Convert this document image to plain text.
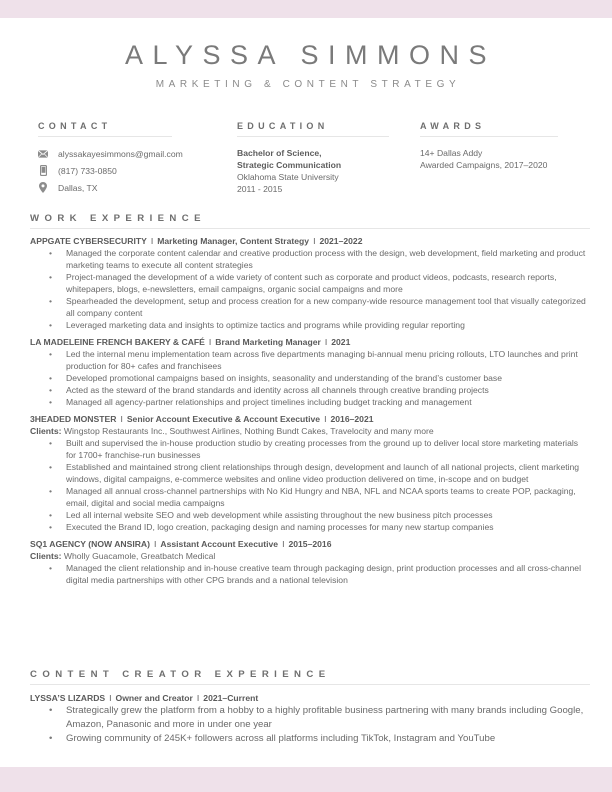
ALYSSA SIMMONS
MARKETING & CONTENT STRATEGY
CONTACT
alyssakayesimmons@gmail.com
(817) 733-0850
Dallas, TX
EDUCATION
Bachelor of Science,
Strategic Communication
Oklahoma State University
2011 - 2015
AWARDS
14+ Dallas Addy
Awarded Campaigns, 2017–2020
WORK EXPERIENCE
APPGATE CYBERSECURITY I Marketing Manager, Content Strategy I 2021–2022
• Managed the corporate content calendar and creative production process with the design, web development, field marketing and product marketing teams to execute all content strategies
• Project-managed the development of a wide variety of content such as corporate and product videos, podcasts, research reports, whitepapers, blogs, e-newsletters, email campaigns, organic social campaigns and more
• Spearheaded the development, setup and process creation for a new company-wide resource management tool that visually categorized all company content
• Leveraged marketing data and insights to optimize tactics and programs while providing regular reporting
LA MADELEINE FRENCH BAKERY & CAFÉ I Brand Marketing Manager I 2021
• Led the internal menu implementation team across five departments managing bi-annual menu pricing rollouts, LTO launches and print production for 80+ cafes and franchisees
• Developed promotional campaigns based on insights, seasonality and understanding of the brand’s customer base
• Acted as the steward of the brand standards and identity across all channels through creative branding projects
• Managed all agency-partner relationships and project timelines including budget tracking and management
3HEADED MONSTER I Senior Account Executive & Account Executive I 2016–2021
Clients: Wingstop Restaurants Inc., Southwest Airlines, Nothing Bundt Cakes, Travelocity and many more
• Built and supervised the in-house production studio by creating processes from the ground up to deliver local store marketing materials for 1700+ franchise-run businesses
• Established and maintained strong client relationships through design, development and launch of all national projects, client marketing windows, digital campaigns, e-commerce websites and online video production delivered on time, in-scope and on budget
• Managed all annual cross-channel partnerships with No Kid Hungry and NBA, NFL and NCAA sports teams to create POP, packaging, email, digital and social media campaigns
• Led all internal website SEO and web development while assisting throughout the new business pitch processes
• Executed the Brand ID, logo creation, packaging design and naming processes for many new startup companies
SQ1 AGENCY (NOW ANSIRA) I Assistant Account Executive I 2015–2016
Clients: Wholly Guacamole, Greatbatch Medical
• Managed the client relationship and in-house creative team through packaging design, print production processes and all cross-channel digital media partnerships with other CPG brands and a national television
CONTENT CREATOR EXPERIENCE
LYSSA’S LIZARDS I Owner and Creator I 2021–Current
• Strategically grew the platform from a hobby to a highly profitable business partnering with many brands including Google, Amazon, Panasonic and more in under one year
• Growing community of 245K+ followers across all platforms including TikTok, Instagram and YouTube
